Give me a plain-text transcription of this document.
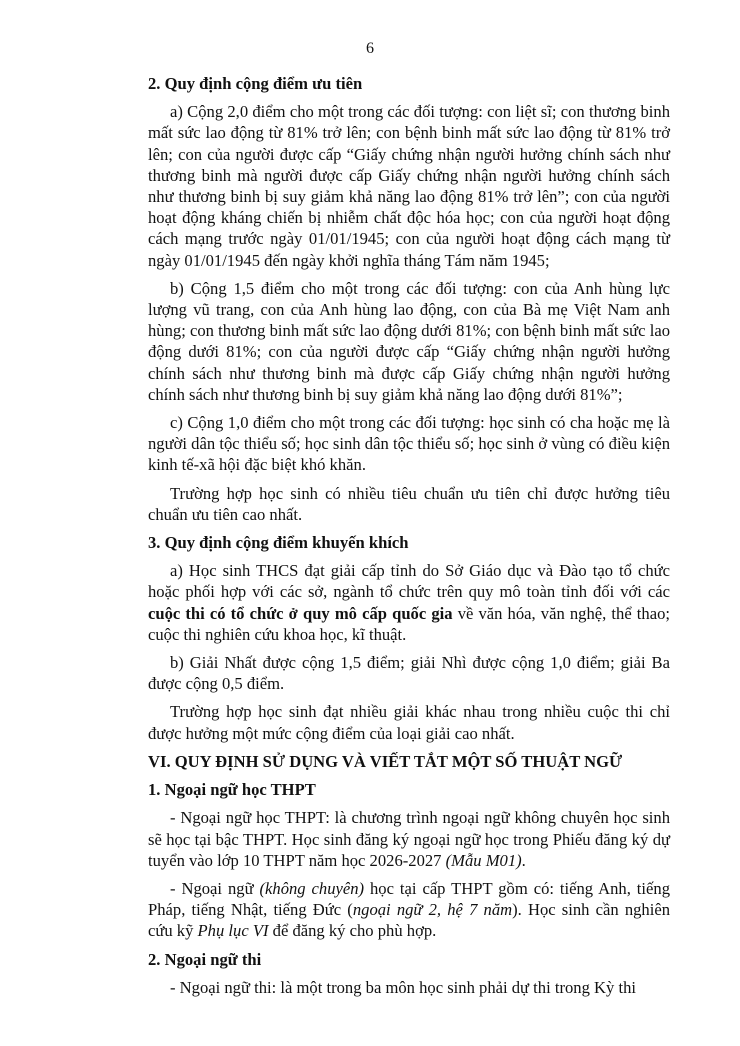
6
2. Quy định cộng điểm ưu tiên

a) Cộng 2,0 điểm cho một trong các đối tượng: con liệt sĩ; con thương binh mất sức lao động từ 81% trở lên; con bệnh binh mất sức lao động từ 81% trở lên; con của người được cấp “Giấy chứng nhận người hưởng chính sách như thương binh mà người được cấp Giấy chứng nhận người hưởng chính sách như thương binh bị suy giảm khả năng lao động 81% trở lên”; con của người hoạt động kháng chiến bị nhiễm chất độc hóa học; con của người hoạt động cách mạng trước ngày 01/01/1945; con của người hoạt động cách mạng từ ngày 01/01/1945 đến ngày khởi nghĩa tháng Tám năm 1945;

b) Cộng 1,5 điểm cho một trong các đối tượng: con của Anh hùng lực lượng vũ trang, con của Anh hùng lao động, con của Bà mẹ Việt Nam anh hùng; con thương binh mất sức lao động dưới 81%; con bệnh binh mất sức lao động dưới 81%; con của người được cấp “Giấy chứng nhận người hưởng chính sách như thương binh mà được cấp Giấy chứng nhận người hưởng chính sách như thương binh bị suy giảm khả năng lao động dưới 81%”;

c) Cộng 1,0 điểm cho một trong các đối tượng: học sinh có cha hoặc mẹ là người dân tộc thiểu số; học sinh dân tộc thiểu số; học sinh ở vùng có điều kiện kinh tế-xã hội đặc biệt khó khăn.

Trường hợp học sinh có nhiều tiêu chuẩn ưu tiên chỉ được hưởng tiêu chuẩn ưu tiên cao nhất.

3. Quy định cộng điểm khuyến khích

a) Học sinh THCS đạt giải cấp tỉnh do Sở Giáo dục và Đào tạo tổ chức hoặc phối hợp với các sở, ngành tổ chức trên quy mô toàn tỉnh đối với các cuộc thi có tổ chức ở quy mô cấp quốc gia về văn hóa, văn nghệ, thể thao; cuộc thi nghiên cứu khoa học, kĩ thuật.

b) Giải Nhất được cộng 1,5 điểm; giải Nhì được cộng 1,0 điểm; giải Ba được cộng 0,5 điểm.

Trường hợp học sinh đạt nhiều giải khác nhau trong nhiều cuộc thi chỉ được hưởng một mức cộng điểm của loại giải cao nhất.

VI. QUY ĐỊNH SỬ DỤNG VÀ VIẾT TẮT MỘT SỐ THUẬT NGỮ
1. Ngoại ngữ học THPT

- Ngoại ngữ học THPT: là chương trình ngoại ngữ không chuyên học sinh sẽ học tại bậc THPT. Học sinh đăng ký ngoại ngữ học trong Phiếu đăng ký dự tuyển vào lớp 10 THPT năm học 2026-2027 (Mẫu M01).

- Ngoại ngữ (không chuyên) học tại cấp THPT gồm có: tiếng Anh, tiếng Pháp, tiếng Nhật, tiếng Đức (ngoại ngữ 2, hệ 7 năm). Học sinh cần nghiên cứu kỹ Phụ lục VI để đăng ký cho phù hợp.

2. Ngoại ngữ thi

- Ngoại ngữ thi: là một trong ba môn học sinh phải dự thi trong Kỳ thi
